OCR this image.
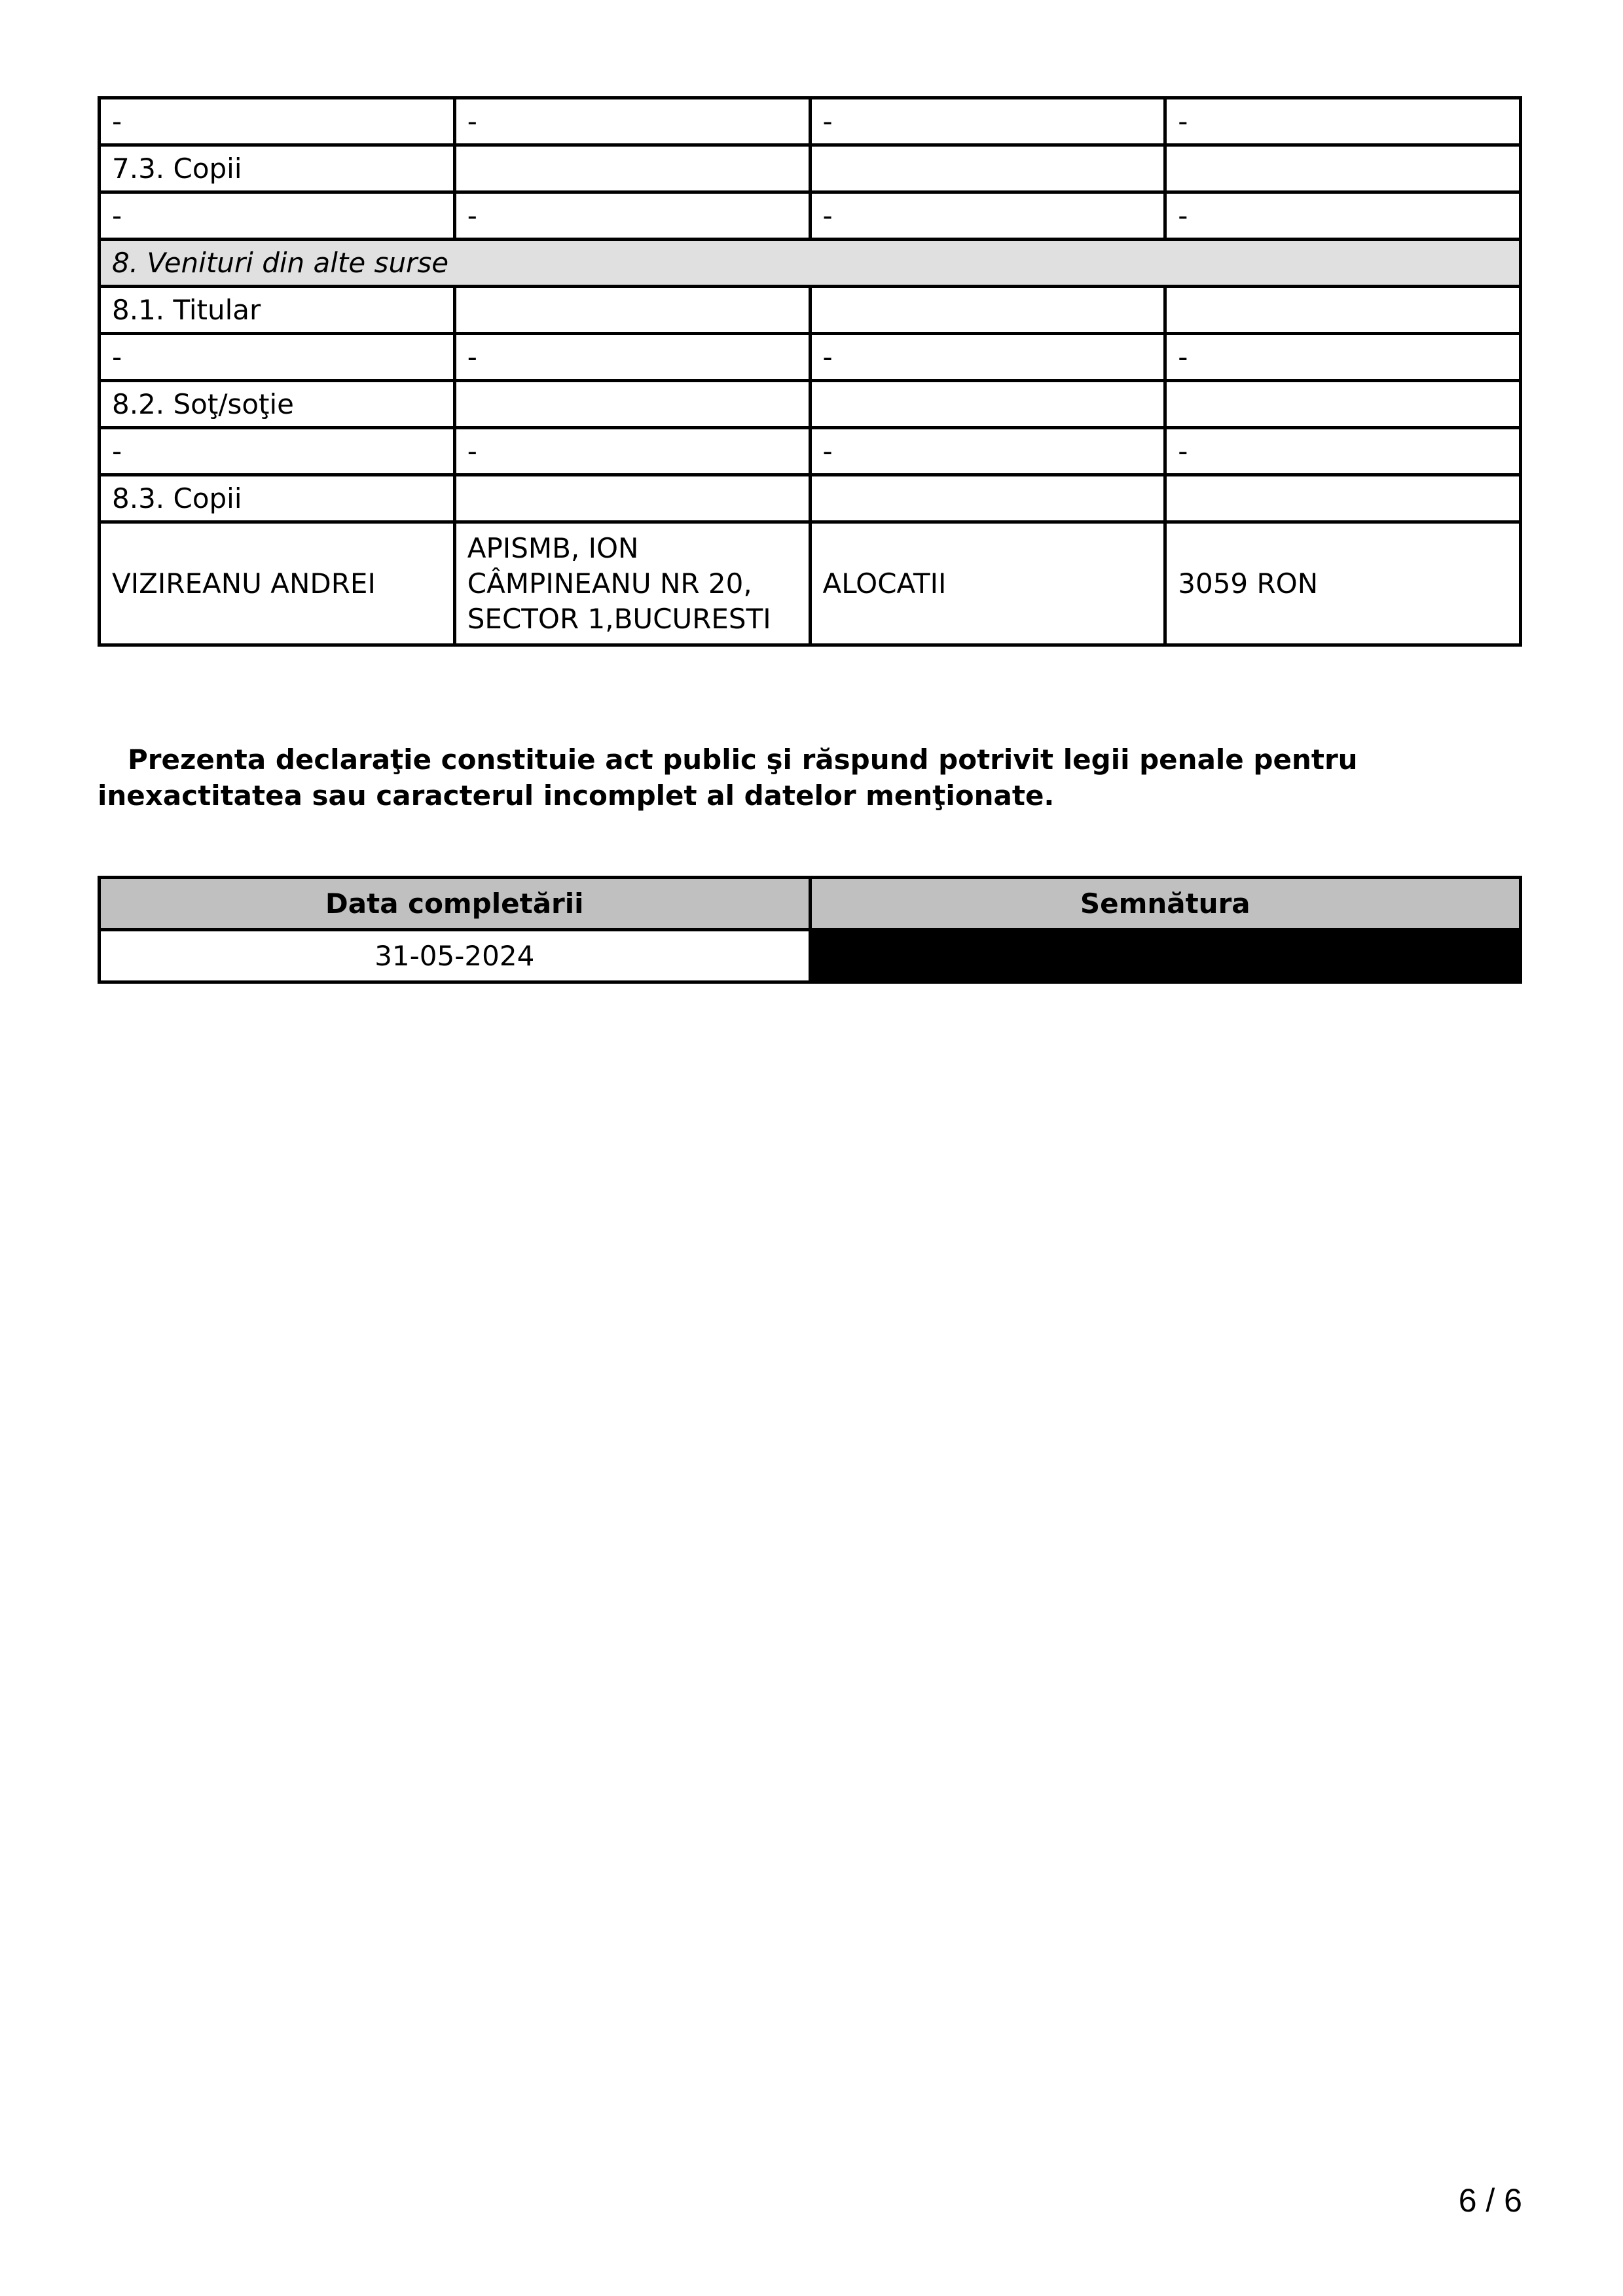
-	-	-	-
7.3. Copii			
-	-	-	-
8. Venituri din alte surse			
8.1. Titular			
-	-	-	-
8.2. Soţ/soţie			
-	-	-	-
8.3. Copii			
VIZIREANU ANDREI	APISMB, ION CÂMPINEANU NR 20, SECTOR 1,BUCURESTI	ALOCATII	3059 RON

Prezenta declaraţie constituie act public şi răspund potrivit legii penale pentru inexactitatea sau caracterul incomplet al datelor menţionate.

Data completării	Semnătura
31-05-2024	
6 / 6
